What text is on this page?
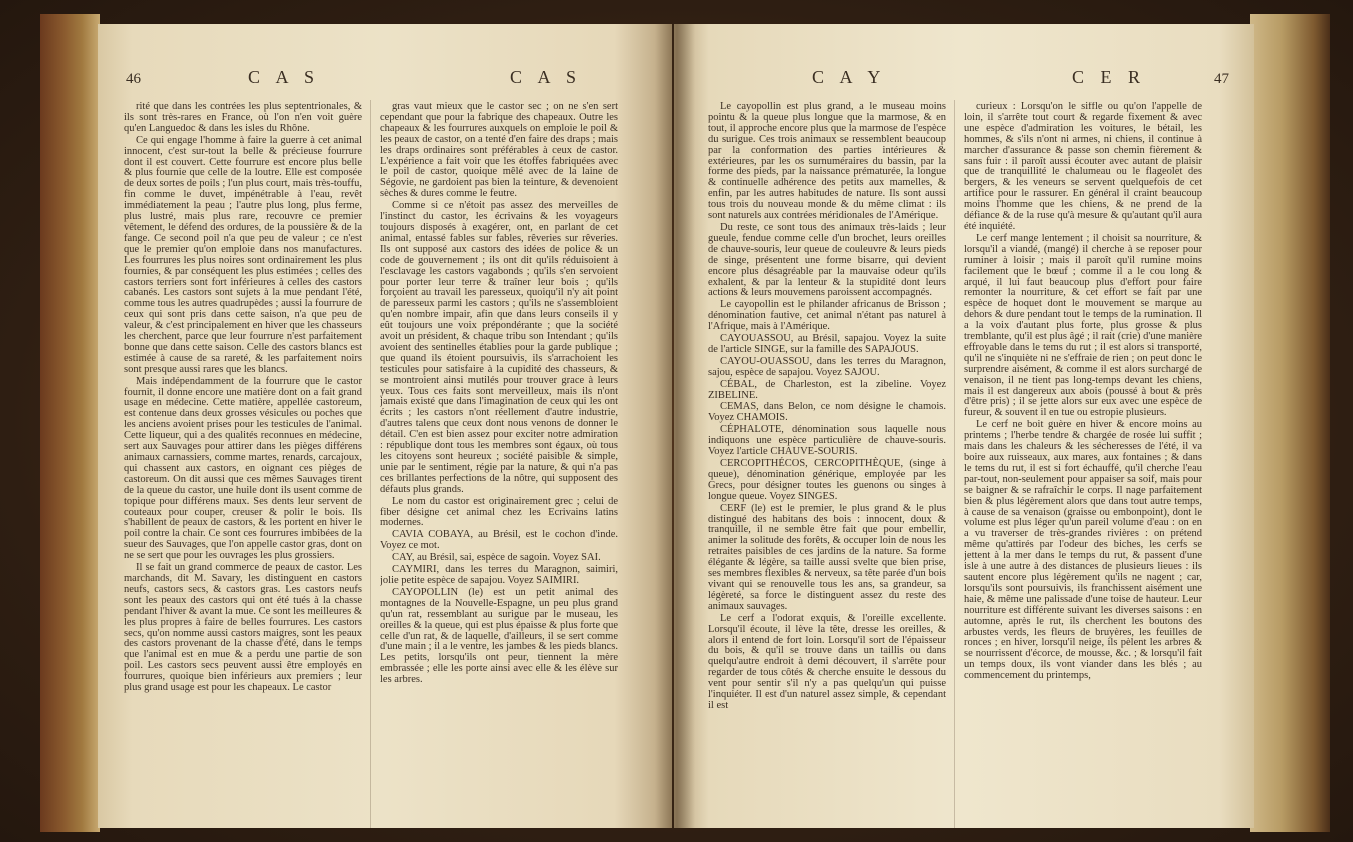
46	C A S	C A S

rité que dans les contrées les plus septentrionales, & ils sont très-rares en France, où l'on n'en voit guère qu'en Languedoc & dans les isles du Rhône.

Ce qui engage l'homme à faire la guerre à cet animal innocent, c'est sur-tout la belle & précieuse fourrure dont il est couvert. Cette fourrure est encore plus belle & plus fournie que celle de la loutre. Elle est composée de deux sortes de poils ; l'un plus court, mais très-touffu, fin comme le duvet, impénétrable à l'eau, revêt immédiatement la peau ; l'autre plus long, plus ferme, plus lustré, mais plus rare, recouvre ce premier vêtement, le défend des ordures, de la poussière & de la fange. Ce second poil n'a que peu de valeur ; ce n'est que le premier qu'on emploie dans nos manufactures. Les fourrures les plus noires sont ordinairement les plus fournies, & par conséquent les plus estimées ; celles des castors terriers sont fort inférieures à celles des castors cabanés. Les castors sont sujets à la mue pendant l'été, comme tous les autres quadrupèdes ; aussi la fourrure de ceux qui sont pris dans cette saison, n'a que peu de valeur, & c'est principalement en hiver que les chasseurs les cherchent, parce que leur fourrure n'est parfaitement bonne que dans cette saison. Celle des castors blancs est estimée à cause de sa rareté, & les parfaitement noirs sont presque aussi rares que les blancs.

Mais indépendamment de la fourrure que le castor fournit, il donne encore une matière dont on a fait grand usage en médecine. Cette matière, appellée castoreum, est contenue dans deux grosses vésicules ou poches que les anciens avoient prises pour les testicules de l'animal. Cette liqueur, qui a des qualités reconnues en médecine, sert aux Sauvages pour attirer dans les pièges différens animaux carnassiers, comme martes, renards, carcajoux, qui chassent aux castors, en oignant ces pièges de castoreum. On dit aussi que ces mêmes Sauvages tirent de la queue du castor, une huile dont ils usent comme de topique pour différens maux. Ses dents leur servent de couteaux pour couper, creuser & polir le bois. Ils s'habillent de peaux de castors, & les portent en hiver le poil contre la chair. Ce sont ces fourrures imbibées de la sueur des Sauvages, que l'on appelle castor gras, dont on ne se sert que pour les ouvrages les plus grossiers.

Il se fait un grand commerce de peaux de castor. Les marchands, dit M. Savary, les distinguent en castors neufs, castors secs, & castors gras. Les castors neufs sont les peaux des castors qui ont été tués à la chasse pendant l'hiver & avant la mue. Ce sont les meilleures & les plus propres à faire de belles fourrures. Les castors secs, qu'on nomme aussi castors maigres, sont les peaux des castors provenant de la chasse d'été, dans le temps que l'animal est en mue & a perdu une partie de son poil. Les castors secs peuvent aussi être employés en fourrures, quoique bien inférieurs aux premiers ; leur plus grand usage est pour les chapeaux. Le castor

gras vaut mieux que le castor sec ; on ne s'en sert cependant que pour la fabrique des chapeaux. Outre les chapeaux & les fourrures auxquels on emploie le poil & les peaux de castor, on a tenté d'en faire des draps ; mais les draps ordinaires sont préférables à ceux de castor. L'expérience a fait voir que les étoffes fabriquées avec le poil de castor, quoique mêlé avec de la laine de Ségovie, ne gardoient pas bien la teinture, & devenoient sèches & dures comme le feutre.

Comme si ce n'étoit pas assez des merveilles de l'instinct du castor, les écrivains & les voyageurs toujours disposés à exagérer, ont, en parlant de cet animal, entassé fables sur fables, rêveries sur rêveries. Ils ont supposé aux castors des idées de police & un code de gouvernement ; ils ont dit qu'ils réduisoient à l'esclavage les castors vagabonds ; qu'ils s'en servoient pour porter leur terre & traîner leur bois ; qu'ils forçoient au travail les paresseux, quoiqu'il n'y ait point de paresseux parmi les castors ; qu'ils ne s'assembloient qu'en nombre impair, afin que dans leurs conseils il y eût toujours une voix prépondérante ; que la société avoit un président, & chaque tribu son Intendant ; qu'ils avoient des sentinelles établies pour la garde publique ; que quand ils étoient poursuivis, ils s'arrachoient les testicules pour satisfaire à la cupidité des chasseurs, & se montroient ainsi mutilés pour trouver grace à leurs yeux. Tous ces faits sont merveilleux, mais ils n'ont jamais existé que dans l'imagination de ceux qui les ont écrits ; les castors n'ont réellement d'autre industrie, d'autres talens que ceux dont nous venons de donner le détail. C'en est bien assez pour exciter notre admiration : république dont tous les membres sont égaux, où tous les citoyens sont heureux ; société paisible & simple, unie par le sentiment, régie par la nature, & qui n'a pas ces brillantes perfections de la nôtre, qui supposent des défauts plus grands.

Le nom du castor est originairement grec ; celui de fiber désigne cet animal chez les Ecrivains latins modernes.

CAVIA COBAYA, au Brésil, est le cochon d'inde. Voyez ce mot.

CAY, au Brésil, sai, espèce de sagoin. Voyez SAI.

CAYMIRI, dans les terres du Maragnon, saimiri, jolie petite espèce de sapajou. Voyez SAIMIRI.

CAYOPOLLIN (le) est un petit animal des montagnes de la Nouvelle-Espagne, un peu plus grand qu'un rat, ressemblant au surigue par le museau, les oreilles & la queue, qui est plus épaisse & plus forte que celle d'un rat, & de laquelle, d'ailleurs, il se sert comme d'une main ; il a le ventre, les jambes & les pieds blancs. Les petits, lorsqu'ils ont peur, tiennent la mère embrassée ; elle les porte ainsi avec elle & les élève sur les arbres.

C A Y	C E R	47

Le cayopollin est plus grand, a le museau moins pointu & la queue plus longue que la marmose, & en tout, il approche encore plus que la marmose de l'espèce du surigue. Ces trois animaux se ressemblent beaucoup par la conformation des parties intérieures & extérieures, par les os surnuméraires du bassin, par la forme des pieds, par la naissance prématurée, la longue & continuelle adhérence des petits aux mamelles, & enfin, par les autres habitudes de nature. Ils sont aussi tous trois du nouveau monde & du même climat : ils sont naturels aux contrées méridionales de l'Amérique.

Du reste, ce sont tous des animaux très-laids ; leur gueule, fendue comme celle d'un brochet, leurs oreilles de chauve-souris, leur queue de couleuvre & leurs pieds de singe, présentent une forme bisarre, qui devient encore plus désagréable par la mauvaise odeur qu'ils exhalent, & par la lenteur & la stupidité dont leurs actions & leurs mouvemens paroissent accompagnés.

Le cayopollin est le philander africanus de Brisson ; dénomination fautive, cet animal n'étant pas naturel à l'Afrique, mais à l'Amérique.

CAYOUASSOU, au Brésil, sapajou. Voyez la suite de l'article SINGE, sur la famille des SAPAJOUS.

CAYOU-OUASSOU, dans les terres du Maragnon, sajou, espèce de sapajou. Voyez SAJOU.

CÉBAL, de Charleston, est la zibeline. Voyez ZIBELINE.

CEMAS, dans Belon, ce nom désigne le chamois. Voyez CHAMOIS.

CÉPHALOTE, dénomination sous laquelle nous indiquons une espèce particulière de chauve-souris. Voyez l'article CHAUVE-SOURIS.

CERCOPITHÉCOS, CERCOPITHÈQUE, (singe à queue), dénomination générique, employée par les Grecs, pour désigner toutes les guenons ou singes à longue queue. Voyez SINGES.

CERF (le) est le premier, le plus grand & le plus distingué des habitans des bois : innocent, doux & tranquille, il ne semble être fait que pour embellir, animer la solitude des forêts, & occuper loin de nous les retraites paisibles de ces jardins de la nature. Sa forme élégante & légère, sa taille aussi svelte que bien prise, ses membres flexibles & nerveux, sa tête parée d'un bois vivant qui se renouvelle tous les ans, sa grandeur, sa légèreté, sa force le distinguent assez du reste des animaux sauvages.

Le cerf a l'odorat exquis, & l'oreille excellente. Lorsqu'il écoute, il lève la tête, dresse les oreilles, & alors il entend de fort loin. Lorsqu'il sort de l'épaisseur du bois, & qu'il se trouve dans un taillis ou dans quelqu'autre endroit à demi découvert, il s'arrête pour regarder de tous côtés & cherche ensuite le dessous du vent pour sentir s'il n'y a pas quelqu'un qui puisse l'inquiéter. Il est d'un naturel assez simple, & cependant il est

curieux : Lorsqu'on le siffle ou qu'on l'appelle de loin, il s'arrête tout court & regarde fixement & avec une espèce d'admiration les voitures, le bétail, les hommes, & s'ils n'ont ni armes, ni chiens, il continue à marcher d'assurance & passe son chemin fièrement & sans fuir : il paroît aussi écouter avec autant de plaisir que de tranquillité le chalumeau ou le flageolet des bergers, & les veneurs se servent quelquefois de cet artifice pour le rassurer. En général il craint beaucoup moins l'homme que les chiens, & ne prend de la défiance & de la ruse qu'à mesure & qu'autant qu'il aura été inquiété.

Le cerf mange lentement ; il choisit sa nourriture, & lorsqu'il a viandé, (mangé) il cherche à se reposer pour ruminer à loisir ; mais il paroît qu'il rumine moins facilement que le bœuf ; comme il a le cou long & arqué, il lui faut beaucoup plus d'effort pour faire remonter la nourriture, & cet effort se fait par une espèce de hoquet dont le mouvement se marque au dehors & dure pendant tout le temps de la rumination. Il a la voix d'autant plus forte, plus grosse & plus tremblante, qu'il est plus âgé ; il rait (crie) d'une manière effroyable dans le tems du rut ; il est alors si transporté, qu'il ne s'inquiète ni ne s'effraie de rien ; on peut donc le surprendre aisément, & comme il est alors surchargé de venaison, il ne tient pas long-temps devant les chiens, mais il est dangereux aux abois (poussé à bout & près d'être pris) ; il se jette alors sur eux avec une espèce de fureur, & souvent il en tue ou estropie plusieurs.

Le cerf ne boit guère en hiver & encore moins au printems ; l'herbe tendre & chargée de rosée lui suffit ; mais dans les chaleurs & les sécheresses de l'été, il va boire aux ruisseaux, aux mares, aux fontaines ; & dans le tems du rut, il est si fort échauffé, qu'il cherche l'eau par-tout, non-seulement pour appaiser sa soif, mais pour se baigner & se rafraîchir le corps. Il nage parfaitement bien & plus légèrement alors que dans tout autre temps, à cause de sa venaison (graisse ou embonpoint), dont le volume est plus léger qu'un pareil volume d'eau : on en a vu traverser de très-grandes rivières : on prétend même qu'attirés par l'odeur des biches, les cerfs se jettent à la mer dans le temps du rut, & passent d'une isle à une autre à des distances de plusieurs lieues : ils sautent encore plus légèrement qu'ils ne nagent ; car, lorsqu'ils sont poursuivis, ils franchissent aisément une haie, & même une palissade d'une toise de hauteur. Leur nourriture est différente suivant les diverses saisons : en automne, après le rut, ils cherchent les boutons des arbustes verds, les fleurs de bruyères, les feuilles de ronces ; en hiver, lorsqu'il neige, ils pèlent les arbres & se nourrissent d'écorce, de mousse, &c. ; & lorsqu'il fait un temps doux, ils vont viander dans les blés ; au commencement du printemps,
